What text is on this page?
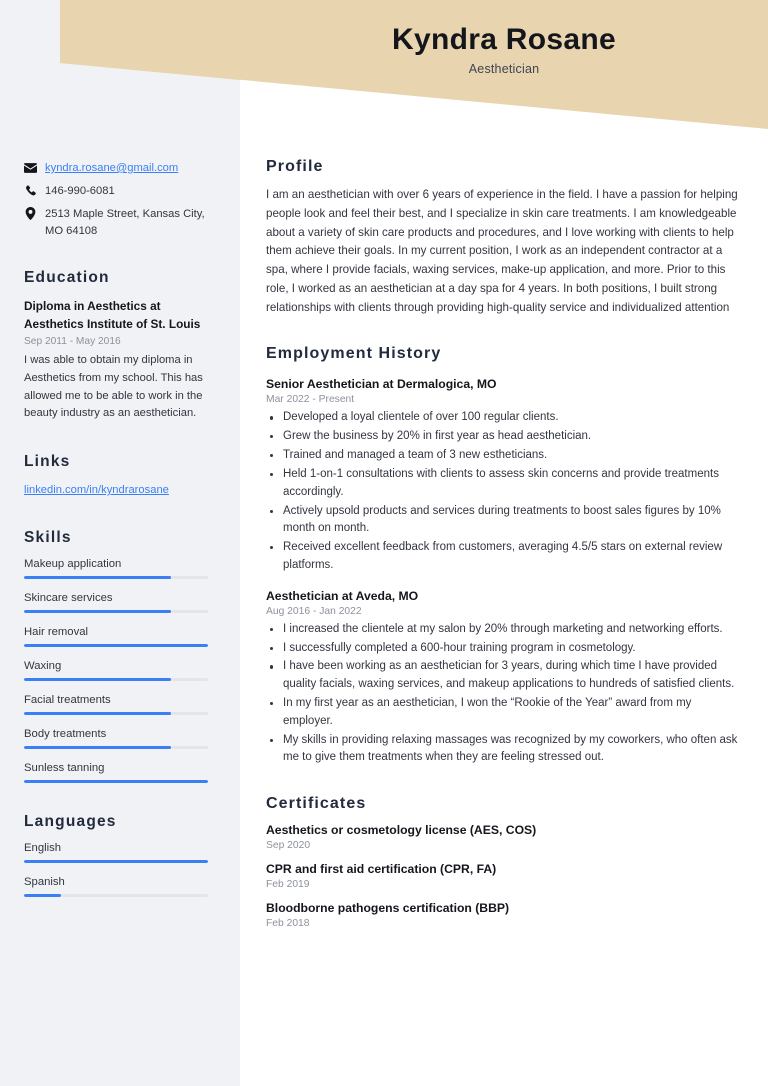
Kyndra Rosane
Aesthetician
kyndra.rosane@gmail.com
146-990-6081
2513 Maple Street, Kansas City, MO 64108
Education
Diploma in Aesthetics at Aesthetics Institute of St. Louis
Sep 2011 - May 2016
I was able to obtain my diploma in Aesthetics from my school. This has allowed me to be able to work in the beauty industry as an aesthetician.
Links
linkedin.com/in/kyndrarosane
Skills
Makeup application
Skincare services
Hair removal
Waxing
Facial treatments
Body treatments
Sunless tanning
Languages
English
Spanish
Profile
I am an aesthetician with over 6 years of experience in the field. I have a passion for helping people look and feel their best, and I specialize in skin care treatments. I am knowledgeable about a variety of skin care products and procedures, and I love working with clients to help them achieve their goals. In my current position, I work as an independent contractor at a spa, where I provide facials, waxing services, make-up application, and more. Prior to this role, I worked as an aesthetician at a day spa for 4 years. In both positions, I built strong relationships with clients through providing high-quality service and individualized attention
Employment History
Senior Aesthetician at Dermalogica, MO
Mar 2022 - Present
Developed a loyal clientele of over 100 regular clients.
Grew the business by 20% in first year as head aesthetician.
Trained and managed a team of 3 new estheticians.
Held 1-on-1 consultations with clients to assess skin concerns and provide treatments accordingly.
Actively upsold products and services during treatments to boost sales figures by 10% month on month.
Received excellent feedback from customers, averaging 4.5/5 stars on external review platforms.
Aesthetician at Aveda, MO
Aug 2016 - Jan 2022
I increased the clientele at my salon by 20% through marketing and networking efforts.
I successfully completed a 600-hour training program in cosmetology.
I have been working as an aesthetician for 3 years, during which time I have provided quality facials, waxing services, and makeup applications to hundreds of satisfied clients.
In my first year as an aesthetician, I won the “Rookie of the Year” award from my employer.
My skills in providing relaxing massages was recognized by my coworkers, who often ask me to give them treatments when they are feeling stressed out.
Certificates
Aesthetics or cosmetology license (AES, COS)
Sep 2020
CPR and first aid certification (CPR, FA)
Feb 2019
Bloodborne pathogens certification (BBP)
Feb 2018
